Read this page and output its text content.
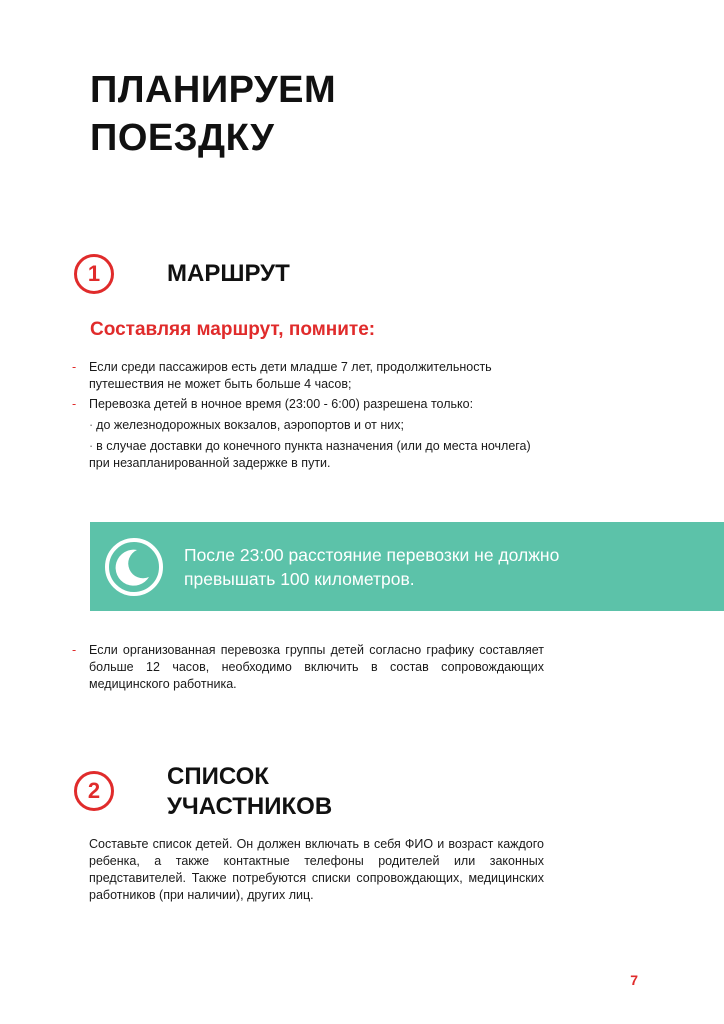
ПЛАНИРУЕМ
ПОЕЗДКУ
1	МАРШРУТ
Составляя маршрут, помните:
- Если среди пассажиров есть дети младше 7 лет, продолжительность путешествия не может быть больше 4 часов;
- Перевозка детей в ночное время (23:00 - 6:00) разрешена только:
· до железнодорожных вокзалов, аэропортов и от них;
· в случае доставки до конечного пункта назначения (или до места ночлега) при незапланированной задержке в пути.
После 23:00 расстояние перевозки не должно
превышать 100 километров.
- Если организованная перевозка группы детей согласно графику составляет больше 12 часов, необходимо включить в состав сопровождающих медицинского работника.
2
СПИСОК
УЧАСТНИКОВ

Составьте список детей. Он должен включать в себя ФИО и возраст каждого ребенка, а также контактные телефоны родителей или законных представителей. Также потребуются списки сопровождающих, медицинских работников (при наличии), других лиц.

7
